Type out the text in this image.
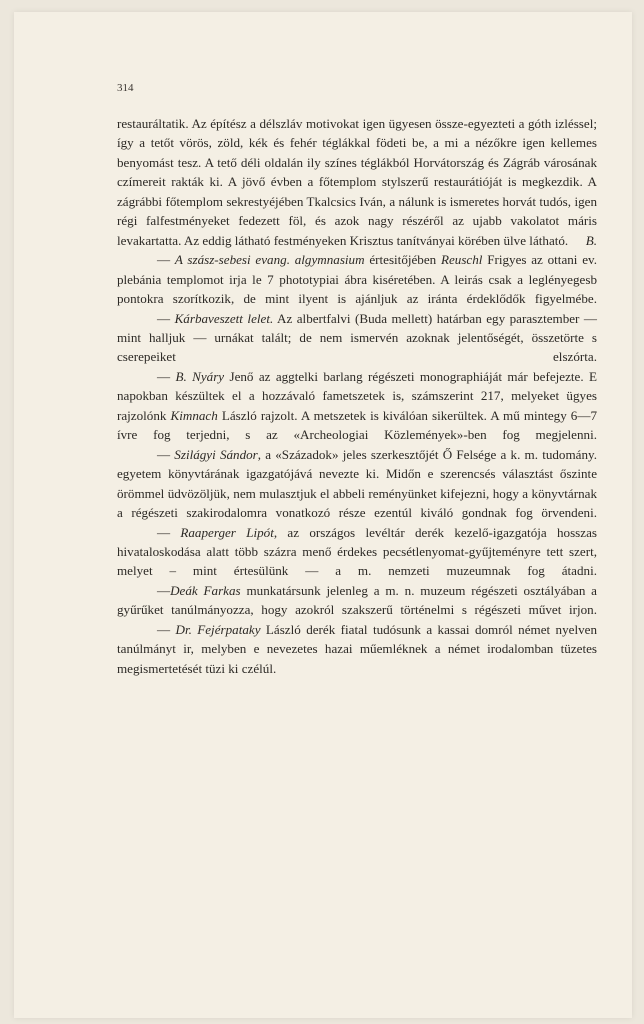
314

restauráltatik. Az építész a délszláv motivokat igen ügyesen össze-egyezteti a góth izléssel; így a tetőt vörös, zöld, kék és fehér téglákkal födeti be, a mi a nézőkre igen kellemes benyomást tesz. A tető déli oldalán ily színes téglákból Horvátország és Zágráb városának czímereit rakták ki. A jövő évben a főtemplom stylszerű restaurátióját is megkezdik. A zágrábbi főtemplom sekrestyéjében Tkalcsics Iván, a nálunk is ismeretes horvát tudós, igen régi falfestményeket fedezett föl, és azok nagy részéről az ujabb vakolatot máris levakartatta. Az eddig látható festményeken Krisztus tanítványai körében ülve látható. B.

— A szász-sebesi evang. algymnasium értesitőjében Reuschl Frigyes az ottani ev. plebánia templomot irja le 7 phototypiai ábra kiséretében. A leirás csak a leglényegesb pontokra szorítkozik, de mint ilyent is ajánljuk az iránta érdeklődők figyelmébe.

— Kárbaveszett lelet. Az albertfalvi (Buda mellett) határban egy parasztember — mint halljuk — urnákat talált; de nem ismervén azoknak jelentőségét, összetörte s cserepeiket elszórta.

— B. Nyáry Jenő az aggtelki barlang régészeti monographiáját már befejezte. E napokban készültek el a hozzávaló fametszetek is, számszerint 217, melyeket ügyes rajzolónk Kimnach László rajzolt. A metszetek is kiválóan sikerültek. A mű mintegy 6—7 ívre fog terjedni, s az «Archeologiai Közlemények»-ben fog megjelenni.

— Szilágyi Sándor, a «Századok» jeles szerkesztőjét Ő Felsége a k. m. tudomány. egyetem könyvtárának igazgatójává nevezte ki. Midőn e szerencsés választást őszinte örömmel üdvözöljük, nem mulasztjuk el abbeli reményünket kifejezni, hogy a könyvtárnak a régészeti szakirodalomra vonatkozó része ezentúl kiváló gondnak fog örvendeni.

— Raaperger Lipót, az országos levéltár derék kezelő-igazgatója hosszas hivataloskodása alatt több százra menő érdekes pecsétlenyomat-gyűjteményre tett szert, melyet – mint értesülünk — a m. nemzeti muzeumnak fog átadni.

—Deák Farkas munkatársunk jelenleg a m. n. muzeum régészeti osztályában a gyűrűket tanúlmányozza, hogy azokról szakszerű történelmi s régészeti művet irjon.

— Dr. Fejérpataky László derék fiatal tudósunk a kassai domról német nyelven tanúlmányt ir, melyben e nevezetes hazai műemléknek a német irodalomban tüzetes megismertetését tüzi ki czélúl.
